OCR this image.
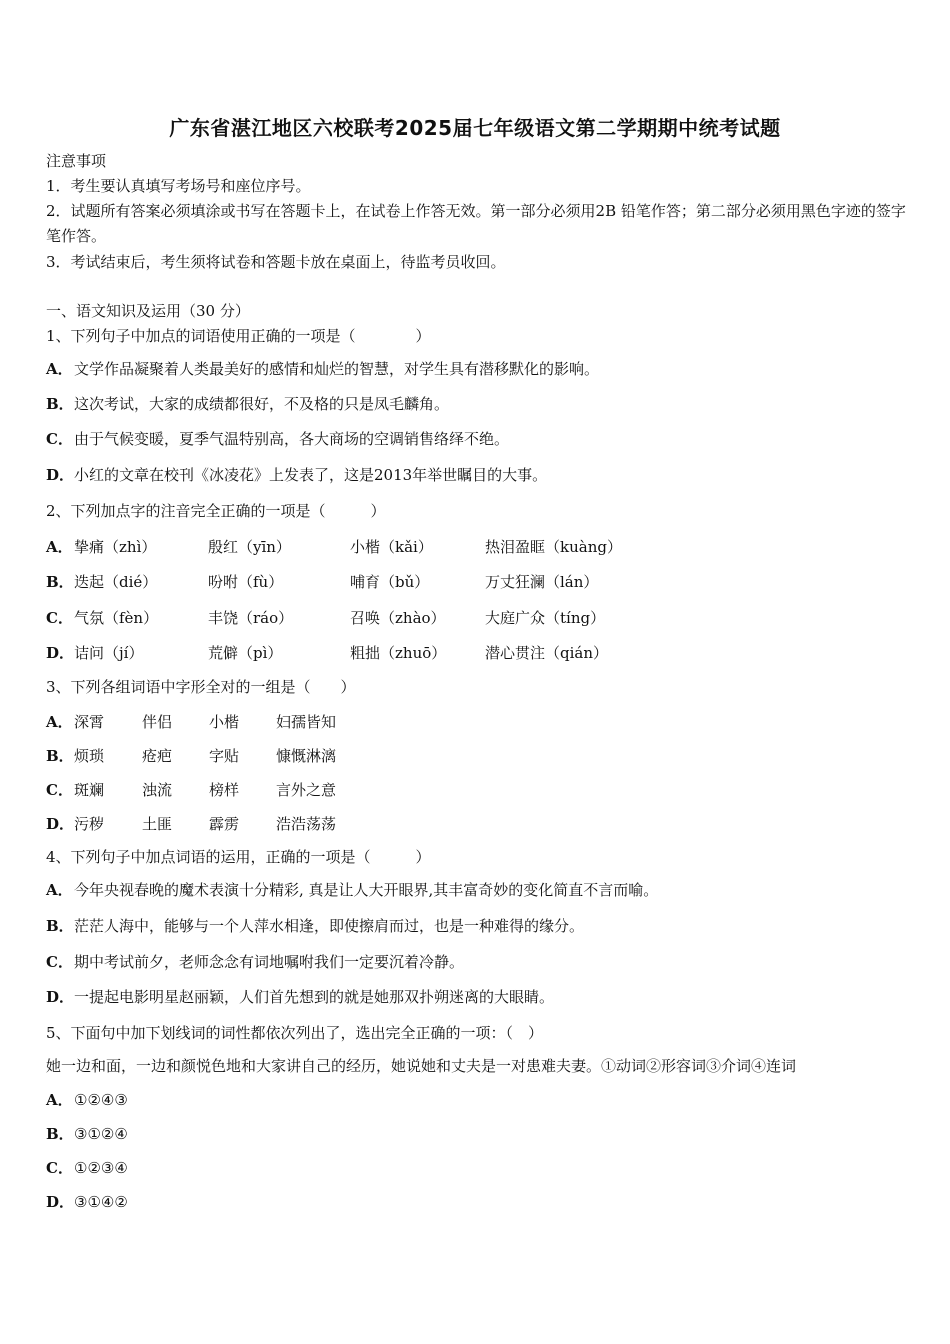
广东省湛江地区六校联考2025届七年级语文第二学期期中统考试题
注意事项
1．考生要认真填写考场号和座位序号。
2．试题所有答案必须填涂或书写在答题卡上，在试卷上作答无效。第一部分必须用2B 铅笔作答；第二部分必须用黑色字迹的签字笔作答。
3．考试结束后，考生须将试卷和答题卡放在桌面上，待监考员收回。
一、语文知识及运用（30 分）
1、下列句子中加点的词语使用正确的一项是（　　　　）
A．文学作品凝聚着人类最美好的感情和灿烂的智慧，对学生具有潜移默化的影响。
B．这次考试，大家的成绩都很好，不及格的只是凤毛麟角。
C．由于气候变暖，夏季气温特别高，各大商场的空调销售络绎不绝。
D．小红的文章在校刊《冰凌花》上发表了，这是2013年举世瞩目的大事。
2、下列加点字的注音完全正确的一项是（　　　）
A． 挚痛（zhì）	殷红（yīn）	小楷（kǎi）	热泪盈眶（kuàng）
B． 迭起（dié）	吩咐（fù）	哺育（bǔ）	万丈狂澜（lán）
C． 气氛（fèn）	丰饶（ráo）	召唤（zhào）	大庭广众（tíng）
D． 诘问（jí）	荒僻（pì）	粗拙（zhuō）	潜心贯注（qián）
3、下列各组词语中字形全对的一组是（　　）
A． 深霄	伴侣 小楷 妇孺皆知
B． 烦琐	疮疤 字贴 慷慨淋漓
C． 斑斓	浊流 榜样 言外之意
D． 污秽	土匪 霹雳 浩浩荡荡
4、下列句子中加点词语的运用，正确的一项是（　　　）
A．今年央视春晚的魔术表演十分精彩, 真是让人大开眼界,其丰富奇妙的变化简直不言而喻。
B．茫茫人海中，能够与一个人萍水相逢，即使擦肩而过，也是一种难得的缘分。
C．期中考试前夕，老师念念有词地嘱咐我们一定要沉着冷静。
D．一提起电影明星赵丽颖，人们首先想到的就是她那双扑朔迷离的大眼睛。
5、下面句中加下划线词的词性都依次列出了，选出完全正确的一项：（　）
她一边和面，一边和颜悦色地和大家讲自己的经历，她说她和丈夫是一对患难夫妻。①动词②形容词③介词④连词
A．①②④③
B．③①②④
C．①②③④
D．③①④②
